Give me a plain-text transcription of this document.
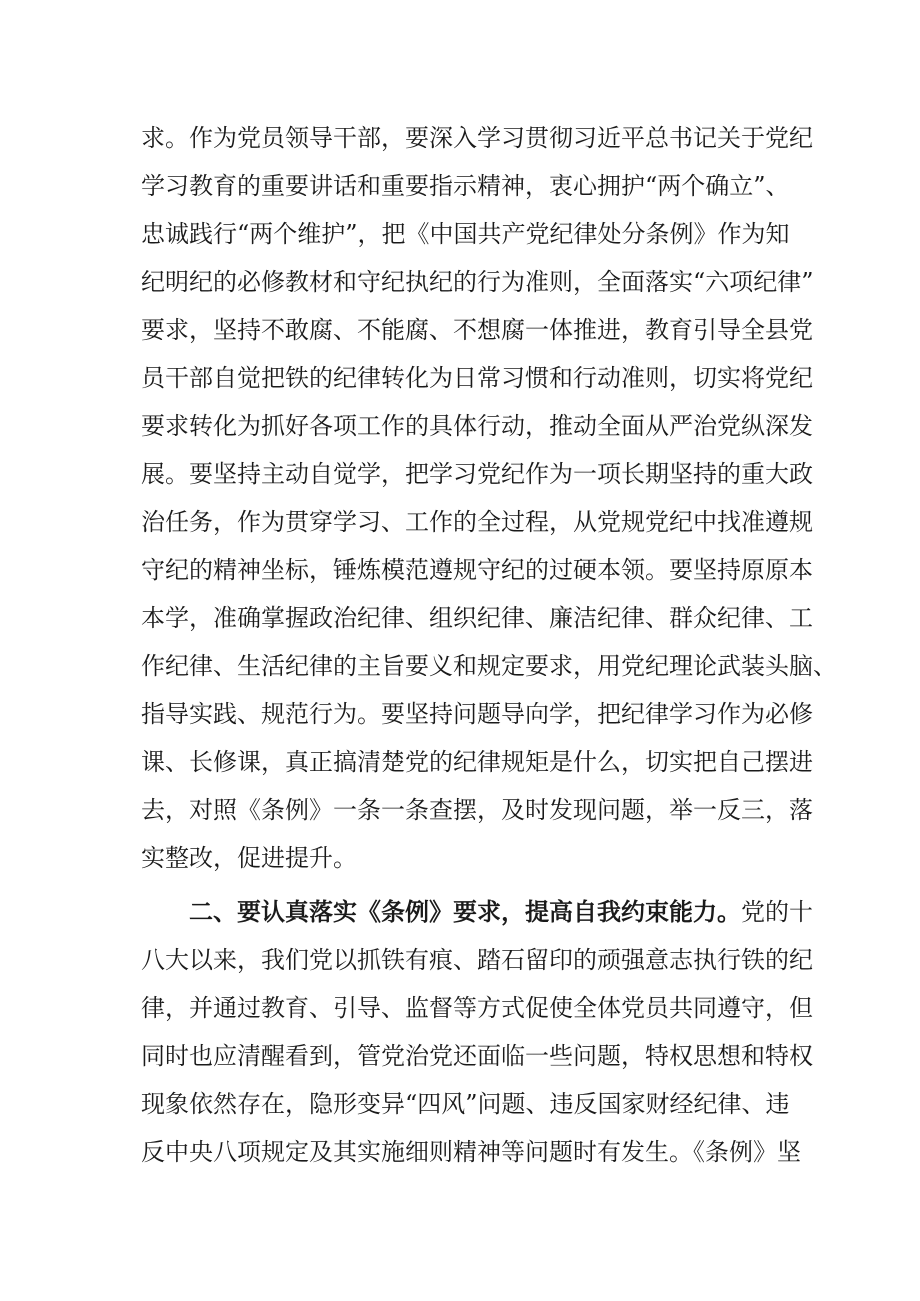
求。作为党员领导干部，要深入学习贯彻习近平总书记关于党纪
学习教育的重要讲话和重要指示精神，衷心拥护“两个确立”、
忠诚践行“两个维护”，把《中国共产党纪律处分条例》作为知
纪明纪的必修教材和守纪执纪的行为准则，全面落实“六项纪律”
要求，坚持不敢腐、不能腐、不想腐一体推进，教育引导全县党
员干部自觉把铁的纪律转化为日常习惯和行动准则，切实将党纪
要求转化为抓好各项工作的具体行动，推动全面从严治党纵深发
展。要坚持主动自觉学，把学习党纪作为一项长期坚持的重大政
治任务，作为贯穿学习、工作的全过程，从党规党纪中找准遵规
守纪的精神坐标，锤炼模范遵规守纪的过硬本领。要坚持原原本
本学，准确掌握政治纪律、组织纪律、廉洁纪律、群众纪律、工
作纪律、生活纪律的主旨要义和规定要求，用党纪理论武装头脑、
指导实践、规范行为。要坚持问题导向学，把纪律学习作为必修
课、长修课，真正搞清楚党的纪律规矩是什么，切实把自己摆进
去，对照《条例》一条一条查摆，及时发现问题，举一反三，落
实整改，促进提升。
二、要认真落实《条例》要求，提高自我约束能力。党的十
八大以来，我们党以抓铁有痕、踏石留印的顽强意志执行铁的纪
律，并通过教育、引导、监督等方式促使全体党员共同遵守，但
同时也应清醒看到，管党治党还面临一些问题，特权思想和特权
现象依然存在，隐形变异“四风”问题、违反国家财经纪律、违
反中央八项规定及其实施细则精神等问题时有发生。《条例》坚
